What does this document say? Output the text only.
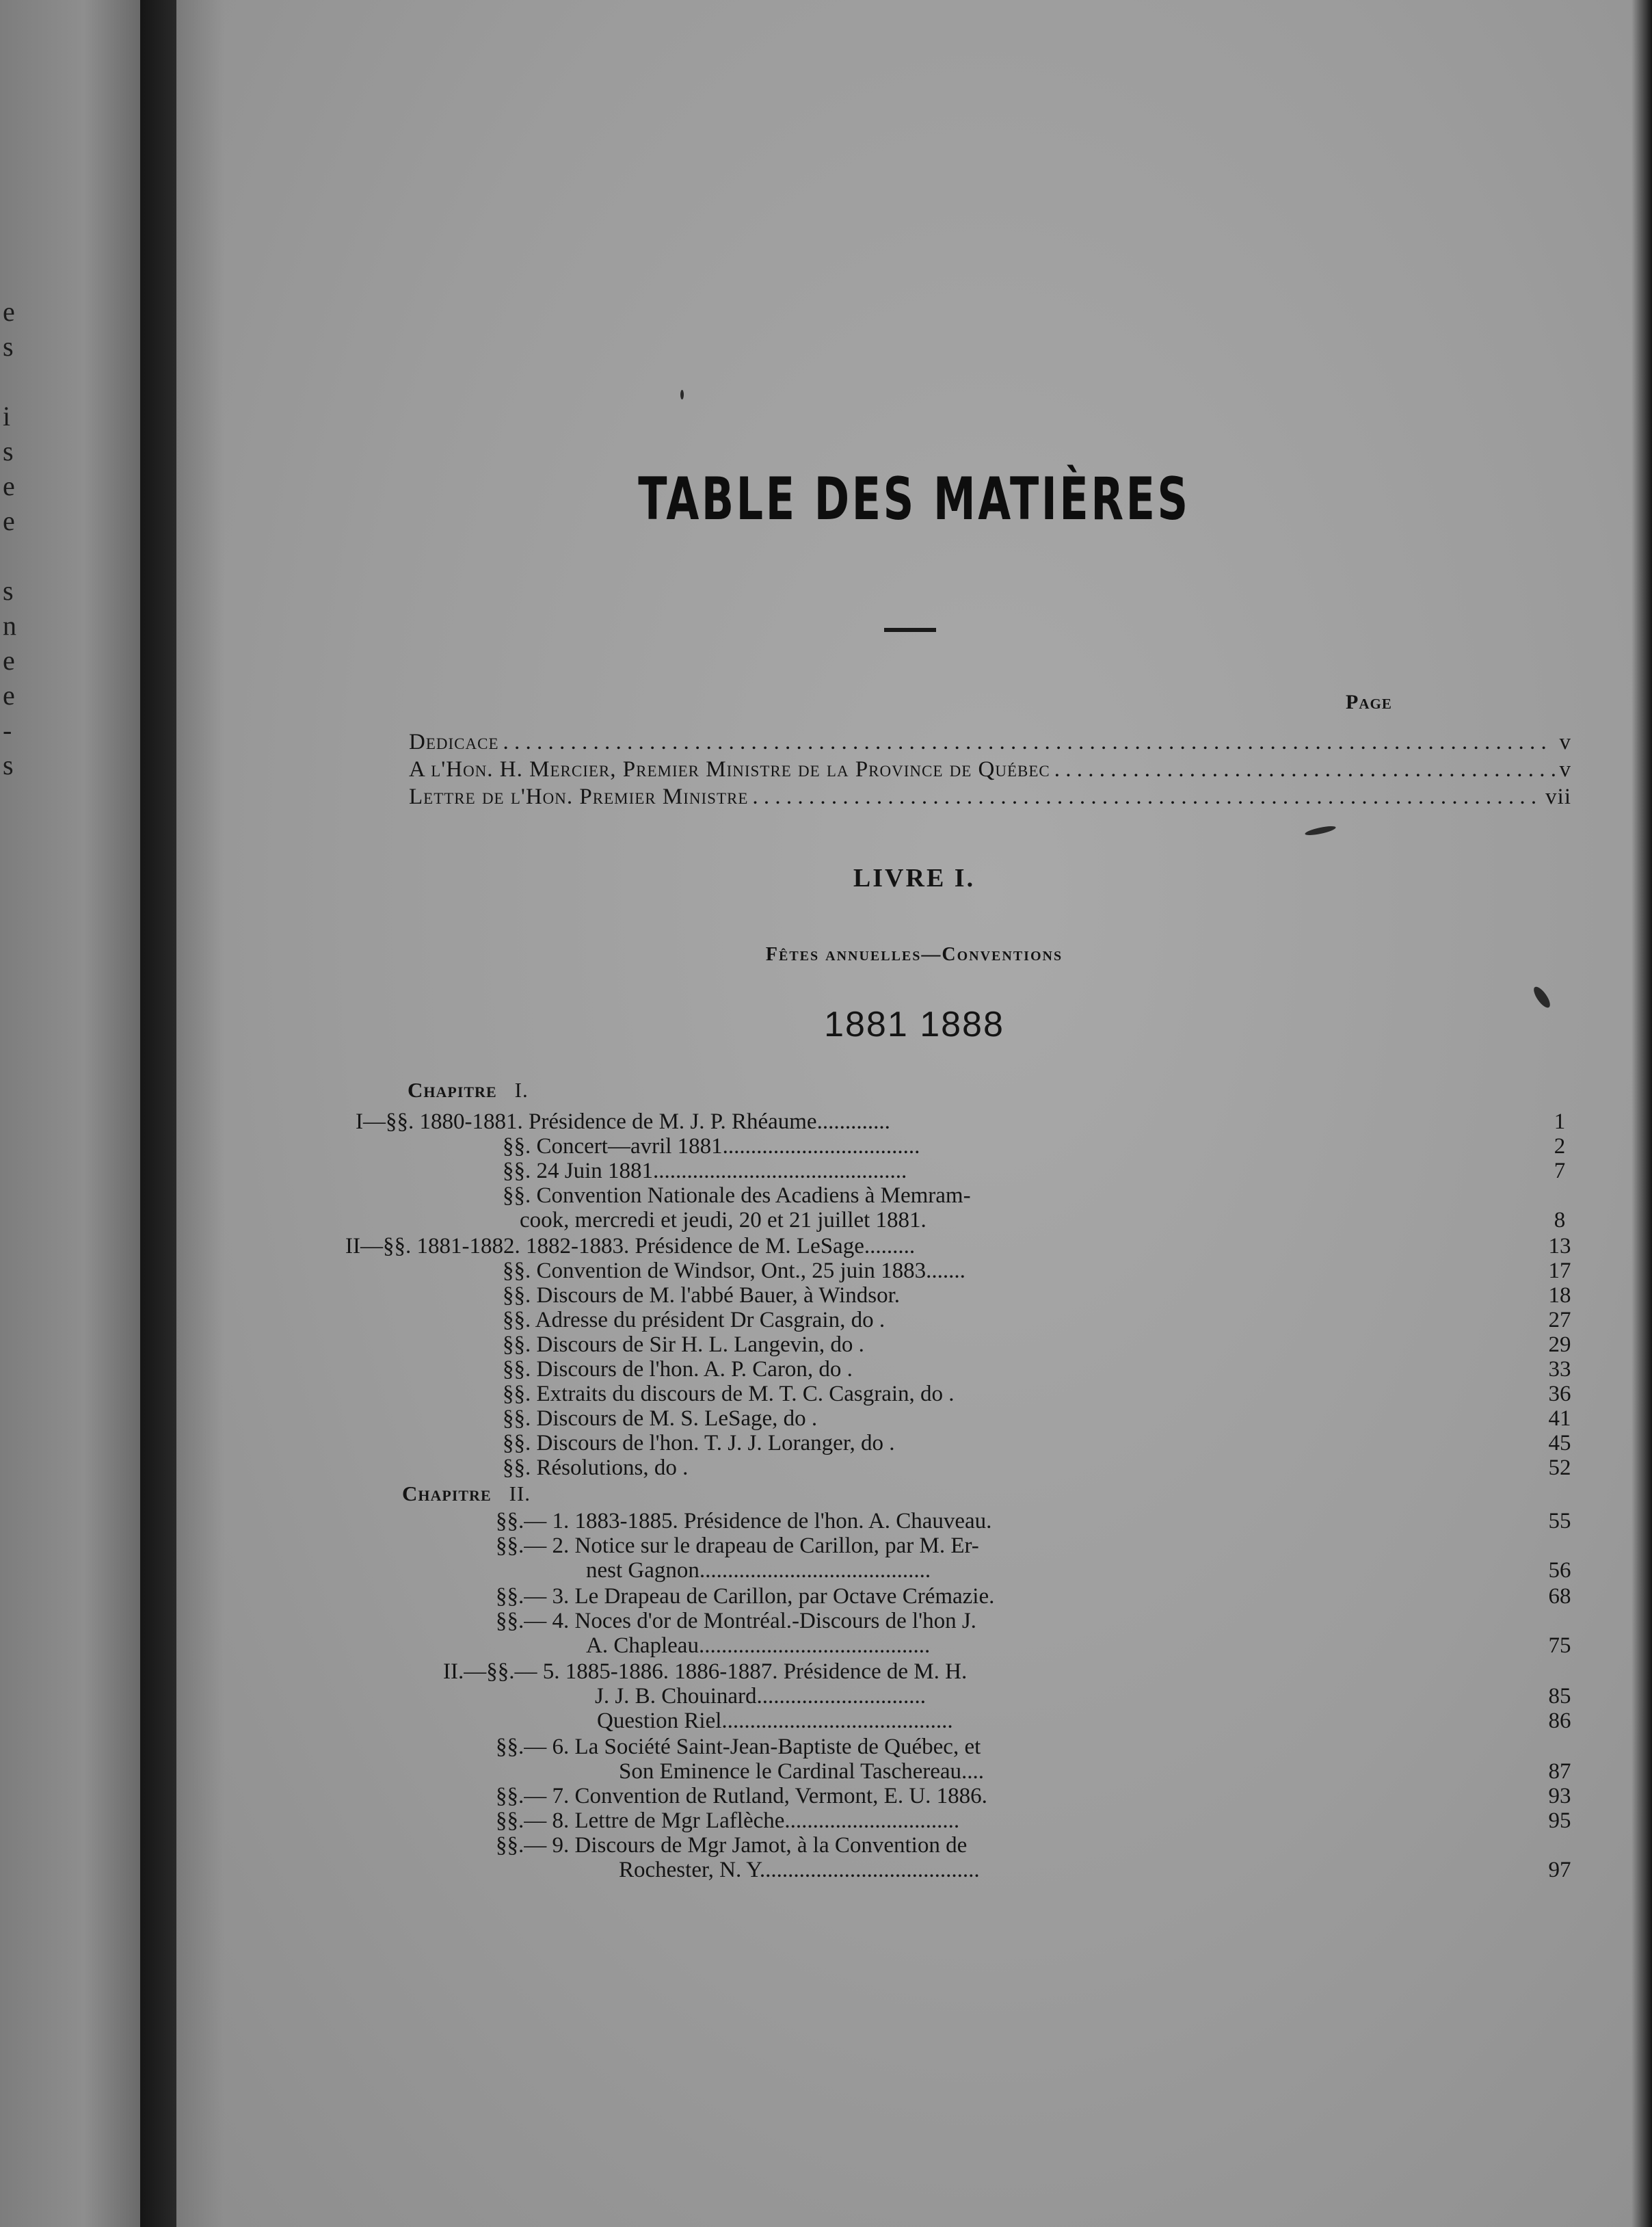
e
s

i
s
e
e

s
n
e
e
-
s
TABLE DES MATIÈRES
Page
Dedicace . . .	v
A l'Hon. H. Mercier, Premier Ministre de la Province de Québec . . .	v
Lettre de l'Hon. Premier Ministre . . .	vii
LIVRE I.
Fêtes annuelles—Conventions
1881 1888
Chapitre I.
I—§§. 1880-1881. Présidence de M. J. P. Rhéaume.............	1
§§. Concert—avril 1881...................................	2
§§. 24 Juin 1881.............................................	7
§§. Convention Nationale des Acadiens à Memram-
cook, mercredi et jeudi, 20 et 21 juillet 1881.	8
II—§§. 1881-1882. 1882-1883. Présidence de M. LeSage.........	13
§§. Convention de Windsor, Ont., 25 juin 1883.......	17
§§. Discours de M. l'abbé Bauer, à Windsor.	18
§§. Adresse du président Dr Casgrain, do .	27
§§. Discours de Sir H. L. Langevin, do .	29
§§. Discours de l'hon. A. P. Caron, do .	33
§§. Extraits du discours de M. T. C. Casgrain, do .	36
§§. Discours de M. S. LeSage, do .	41
§§. Discours de l'hon. T. J. J. Loranger, do .	45
§§. Résolutions, do .	52
Chapitre II.
§§.— 1. 1883-1885. Présidence de l'hon. A. Chauveau.	55
§§.— 2. Notice sur le drapeau de Carillon, par M. Er-
nest Gagnon.........................................	56
§§.— 3. Le Drapeau de Carillon, par Octave Crémazie.	68
§§.— 4. Noces d'or de Montréal.-Discours de l'hon J.
A. Chapleau.........................................	75
II.—§§.— 5. 1885-1886. 1886-1887. Présidence de M. H.
J. J. B. Chouinard..............................	85
Question Riel.........................................	86
§§.— 6. La Société Saint-Jean-Baptiste de Québec, et
Son Eminence le Cardinal Taschereau....	87
§§.— 7. Convention de Rutland, Vermont, E. U. 1886.	93
§§.— 8. Lettre de Mgr Laflèche...............................	95
§§.— 9. Discours de Mgr Jamot, à la Convention de
Rochester, N. Y.......................................	97
